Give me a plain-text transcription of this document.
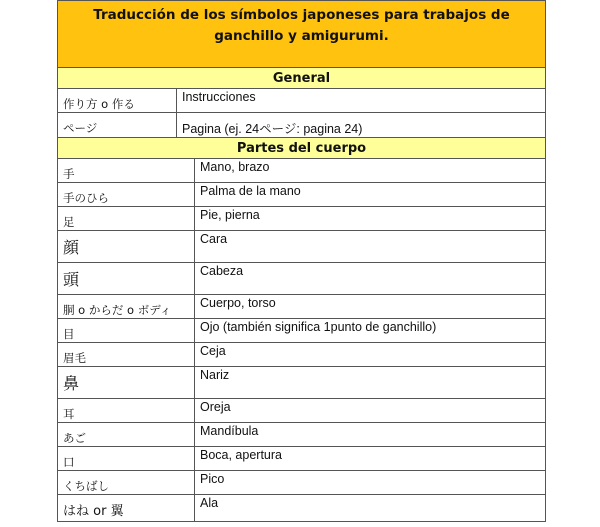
Traducción de los símbolos japoneses para trabajos de ganchillo y amigurumi.		
General		
作り方 o 作る	Instrucciones	
ページ	Pagina (ej. 24ページ: pagina 24)	
Partes del cuerpo		
手		Mano, brazo
手のひら		Palma de la mano
足		Pie, pierna
顔		Cara
頭		Cabeza
胴 o からだ o ボディ		Cuerpo, torso
目		Ojo (también significa 1punto de ganchillo)
眉毛		Ceja
鼻		Nariz
耳		Oreja
あご		Mandíbula
口		Boca, apertura
くちばし		Pico
はね or 翼		Ala
